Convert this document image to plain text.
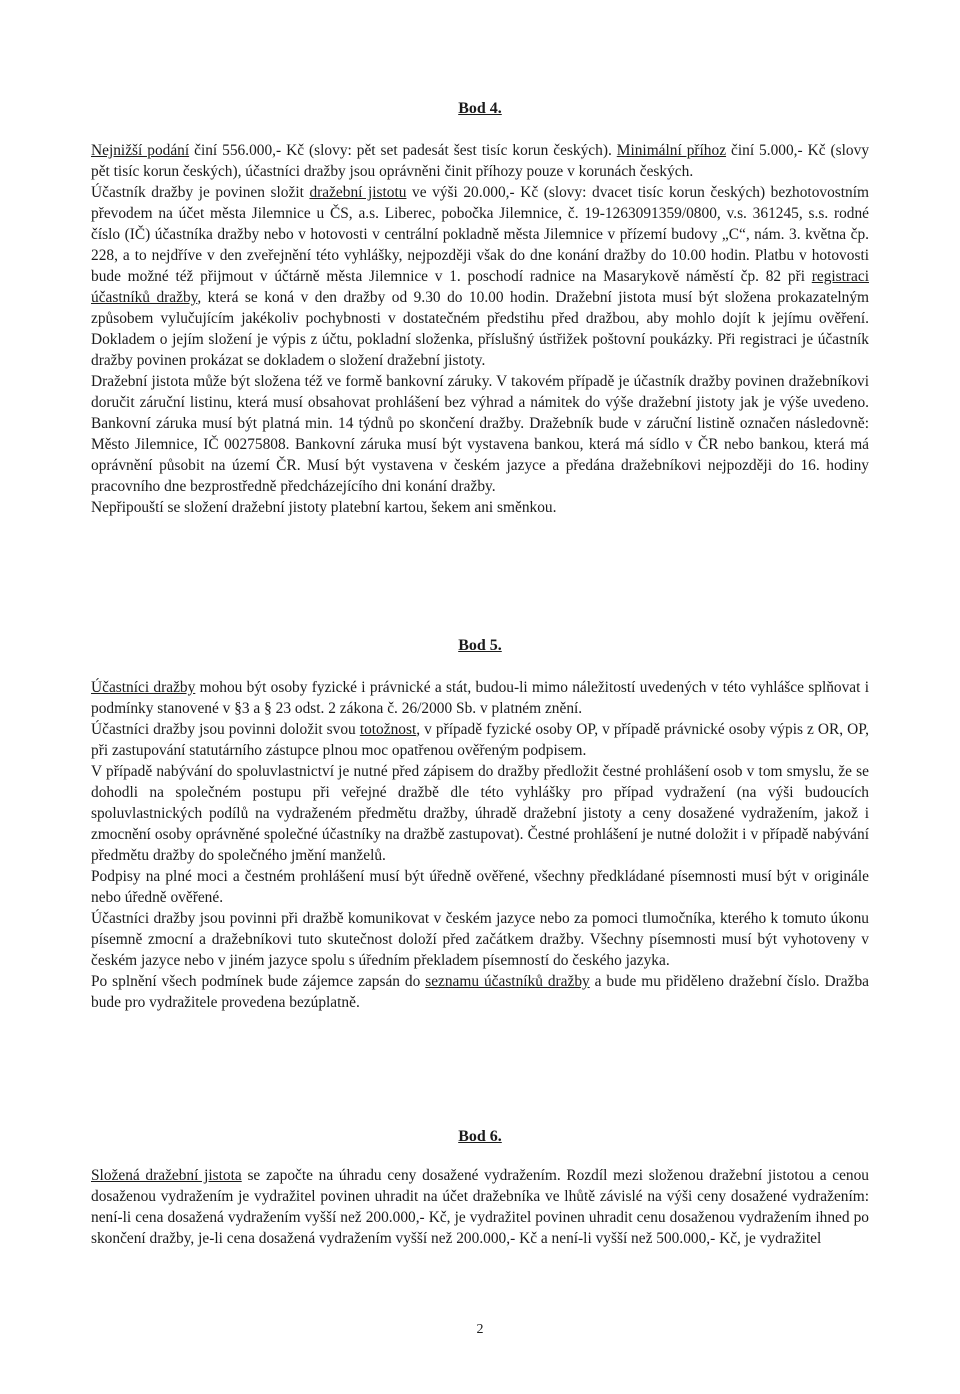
Bod 4.

Nejnižší podání činí 556.000,- Kč (slovy: pět set padesát šest tisíc korun českých). Minimální příhoz činí 5.000,- Kč (slovy pět tisíc korun českých), účastníci dražby jsou oprávněni činit příhozy pouze v korunách českých.

Účastník dražby je povinen složit dražební jistotu ve výši 20.000,- Kč (slovy: dvacet tisíc korun českých) bezhotovostním převodem na účet města Jilemnice u ČS, a.s. Liberec, pobočka Jilemnice, č. 19-1263091359/0800, v.s. 361245, s.s. rodné číslo (IČ) účastníka dražby nebo v hotovosti v centrální pokladně města Jilemnice v přízemí budovy „C“, nám. 3. května čp. 228, a to nejdříve v den zveřejnění této vyhlášky, nejpozději však do dne konání dražby do 10.00 hodin. Platbu v hotovosti bude možné též přijmout v účtárně města Jilemnice v 1. poschodí radnice na Masarykově náměstí čp. 82 při registraci účastníků dražby, která se koná v den dražby od 9.30 do 10.00 hodin. Dražební jistota musí být složena prokazatelným způsobem vylučujícím jakékoliv pochybnosti v dostatečném předstihu před dražbou, aby mohlo dojít k jejímu ověření. Dokladem o jejím složení je výpis z účtu, pokladní složenka, příslušný ústřižek poštovní poukázky. Při registraci je účastník dražby povinen prokázat se dokladem o složení dražební jistoty.

Dražební jistota může být složena též ve formě bankovní záruky. V takovém případě je účastník dražby povinen dražebníkovi doručit záruční listinu, která musí obsahovat prohlášení bez výhrad a námitek do výše dražební jistoty jak je výše uvedeno. Bankovní záruka musí být platná min. 14 týdnů po skončení dražby. Dražebník bude v záruční listině označen následovně: Město Jilemnice, IČ 00275808. Bankovní záruka musí být vystavena bankou, která má sídlo v ČR nebo bankou, která má oprávnění působit na území ČR. Musí být vystavena v českém jazyce a předána dražebníkovi nejpozději do 16. hodiny pracovního dne bezprostředně předcházejícího dni konání dražby.

Nepřipouští se složení dražební jistoty platební kartou, šekem ani směnkou.

Bod 5.

Účastníci dražby mohou být osoby fyzické i právnické a stát, budou-li mimo náležitostí uvedených v této vyhlášce splňovat i podmínky stanovené v §3 a § 23 odst. 2 zákona č. 26/2000 Sb. v platném znění.

Účastníci dražby jsou povinni doložit svou totožnost, v případě fyzické osoby OP, v případě právnické osoby výpis z OR, OP, při zastupování statutárního zástupce plnou moc opatřenou ověřeným podpisem.

V případě nabývání do spoluvlastnictví je nutné před zápisem do dražby předložit čestné prohlášení osob v tom smyslu, že se dohodli na společném postupu při veřejné dražbě dle této vyhlášky pro případ vydražení (na výši budoucích spoluvlastnických podílů na vydraženém předmětu dražby, úhradě dražební jistoty a ceny dosažené vydražením, jakož i zmocnění osoby oprávněné společné účastníky na dražbě zastupovat). Čestné prohlášení je nutné doložit i v případě nabývání předmětu dražby do společného jmění manželů.

Podpisy na plné moci a čestném prohlášení musí být úředně ověřené, všechny předkládané písemnosti musí být v originále nebo úředně ověřené.

Účastníci dražby jsou povinni při dražbě komunikovat v českém jazyce nebo za pomoci tlumočníka, kterého k tomuto úkonu písemně zmocní a dražebníkovi tuto skutečnost doloží před začátkem dražby. Všechny písemnosti musí být vyhotoveny v českém jazyce nebo v jiném jazyce spolu s úředním překladem písemností do českého jazyka.

Po splnění všech podmínek bude zájemce zapsán do seznamu účastníků dražby a bude mu přiděleno dražební číslo. Dražba bude pro vydražitele provedena bezúplatně.

Bod 6.

Složená dražební jistota se započte na úhradu ceny dosažené vydražením. Rozdíl mezi složenou dražební jistotou a cenou dosaženou vydražením je vydražitel povinen uhradit na účet dražebníka ve lhůtě závislé na výši ceny dosažené vydražením: není-li cena dosažená vydražením vyšší než 200.000,- Kč, je vydražitel povinen uhradit cenu dosaženou vydražením ihned po skončení dražby, je-li cena dosažená vydražením vyšší než 200.000,- Kč a není-li vyšší než 500.000,- Kč, je vydražitel

2
